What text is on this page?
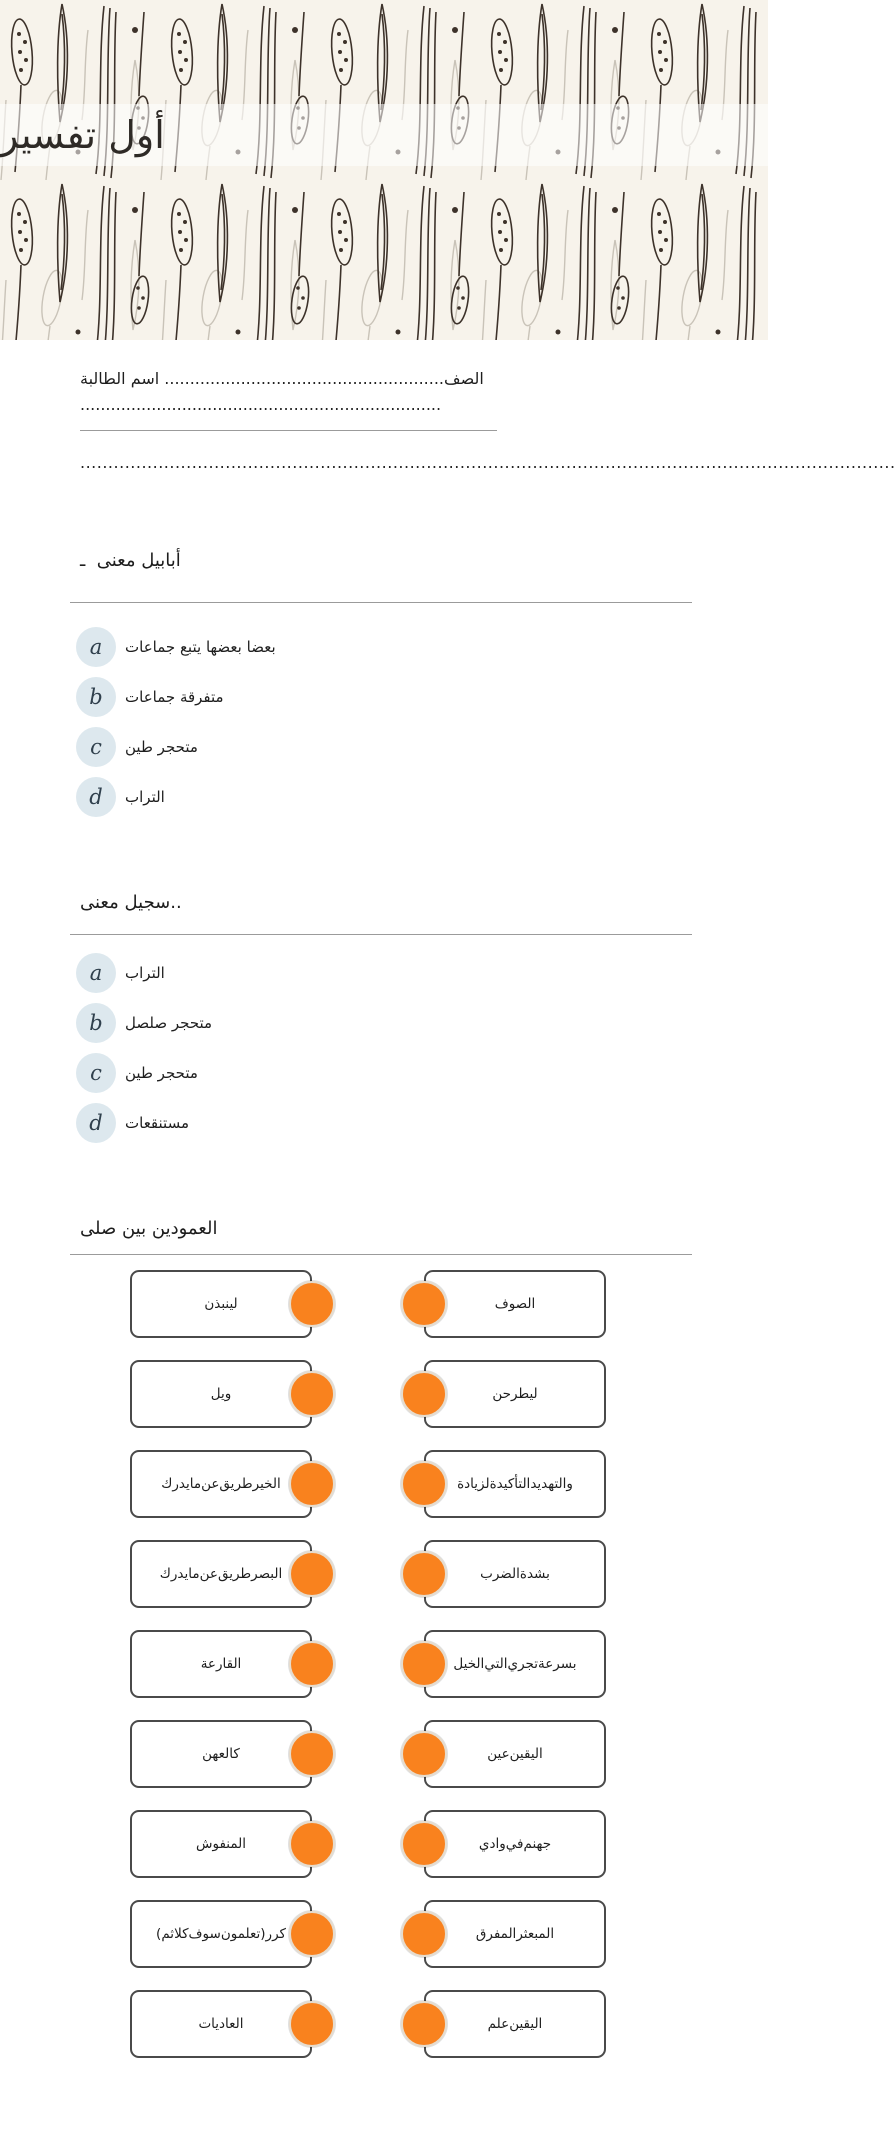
تفسير أول
اسم الطالبة .......................................................الصف .......................................................................
..................................................................................................................................................
ـ معنى أبابيل
a	جماعات يتبع بعضها بعضا
b	جماعات متفرقة
c	طين متحجر
d	التراب
معنى سجيل..
a	التراب
b	صلصل متحجر
c	طين متحجر
d	مستنقعات
صلى بين العمودين
لينبذن	الصوف
ويل	ليطرحن
مايدرك عن طريق الخير	لزيادة التأكيدة والتهديد
مايدرك عن طريق البصر	الضرب بشدة
القارعة	الخيل التي تجري بسرعة
كالعهن	عين اليقين
المنفوش	وادي في جهنم
( ثم كلا سوف تعلمون ) كرر	المفرق المبعثر
العاديات	علم اليقين
